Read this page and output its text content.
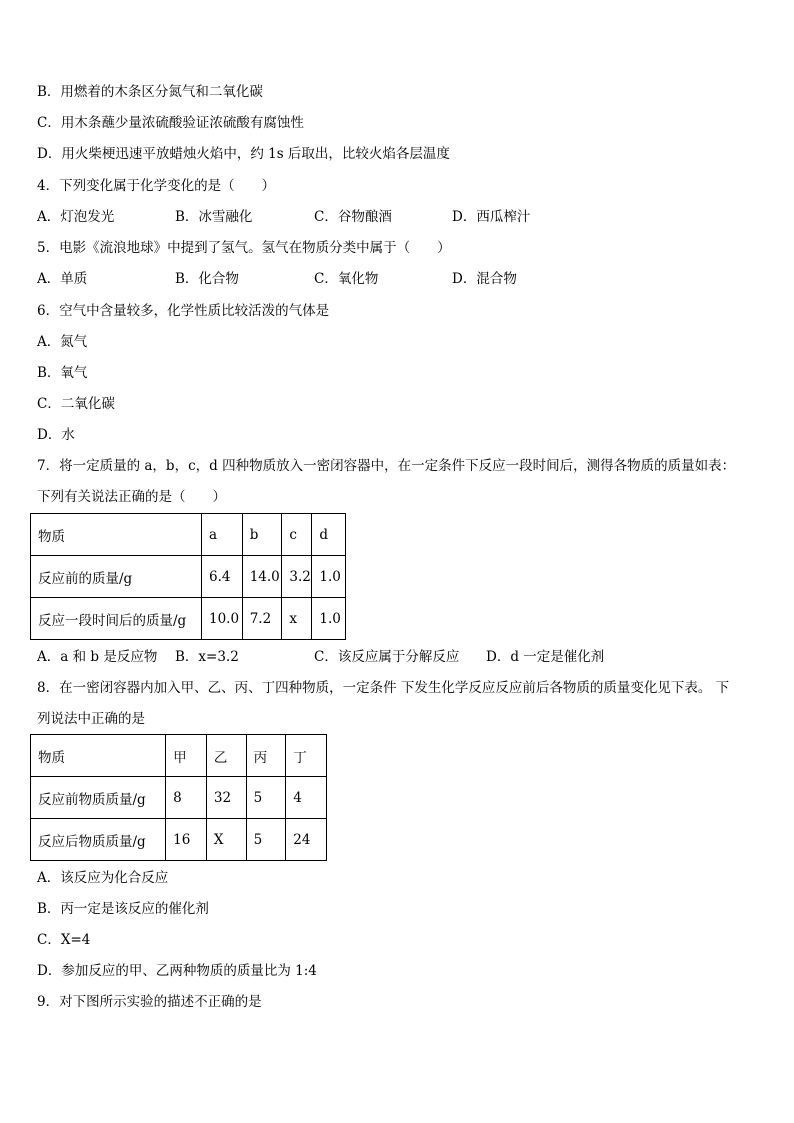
B．用燃着的木条区分氮气和二氧化碳
C．用木条蘸少量浓硫酸验证浓硫酸有腐蚀性
D．用火柴梗迅速平放蜡烛火焰中，约 1s 后取出，比较火焰各层温度
4．下列变化属于化学变化的是（　　）
A．灯泡发光	B．冰雪融化	C．谷物酿酒	D．西瓜榨汁
5．电影《流浪地球》中提到了氢气。氢气在物质分类中属于（　　）
A．单质	B．化合物	C．氧化物	D．混合物
6．空气中含量较多，化学性质比较活泼的气体是
A．氮气
B．氧气
C．二氧化碳
D．水
7．将一定质量的 a，b，c，d 四种物质放入一密闭容器中，在一定条件下反应一段时间后，测得各物质的质量如表：
下列有关说法正确的是（　　）
物质	a	b	c	d
反应前的质量/g	6.4	14.0	3.2	1.0
反应一段时间后的质量/g	10.0	7.2	x	1.0
A．a 和 b 是反应物 B．x=3.2	C．该反应属于分解反应 D．d 一定是催化剂
8．在一密闭容器内加入甲、乙、丙、丁四种物质，一定条件 下发生化学反应反应前后各物质的质量变化见下表。 下
列说法中正确的是
物质	甲	乙	丙	丁
反应前物质质量/g	8	32	5	4
反应后物质质量/g	16	X	5	24
A．该反应为化合反应
B．丙一定是该反应的催化剂
C．X=4
D．参加反应的甲、乙两种物质的质量比为 1:4
9．对下图所示实验的描述不正确的是
